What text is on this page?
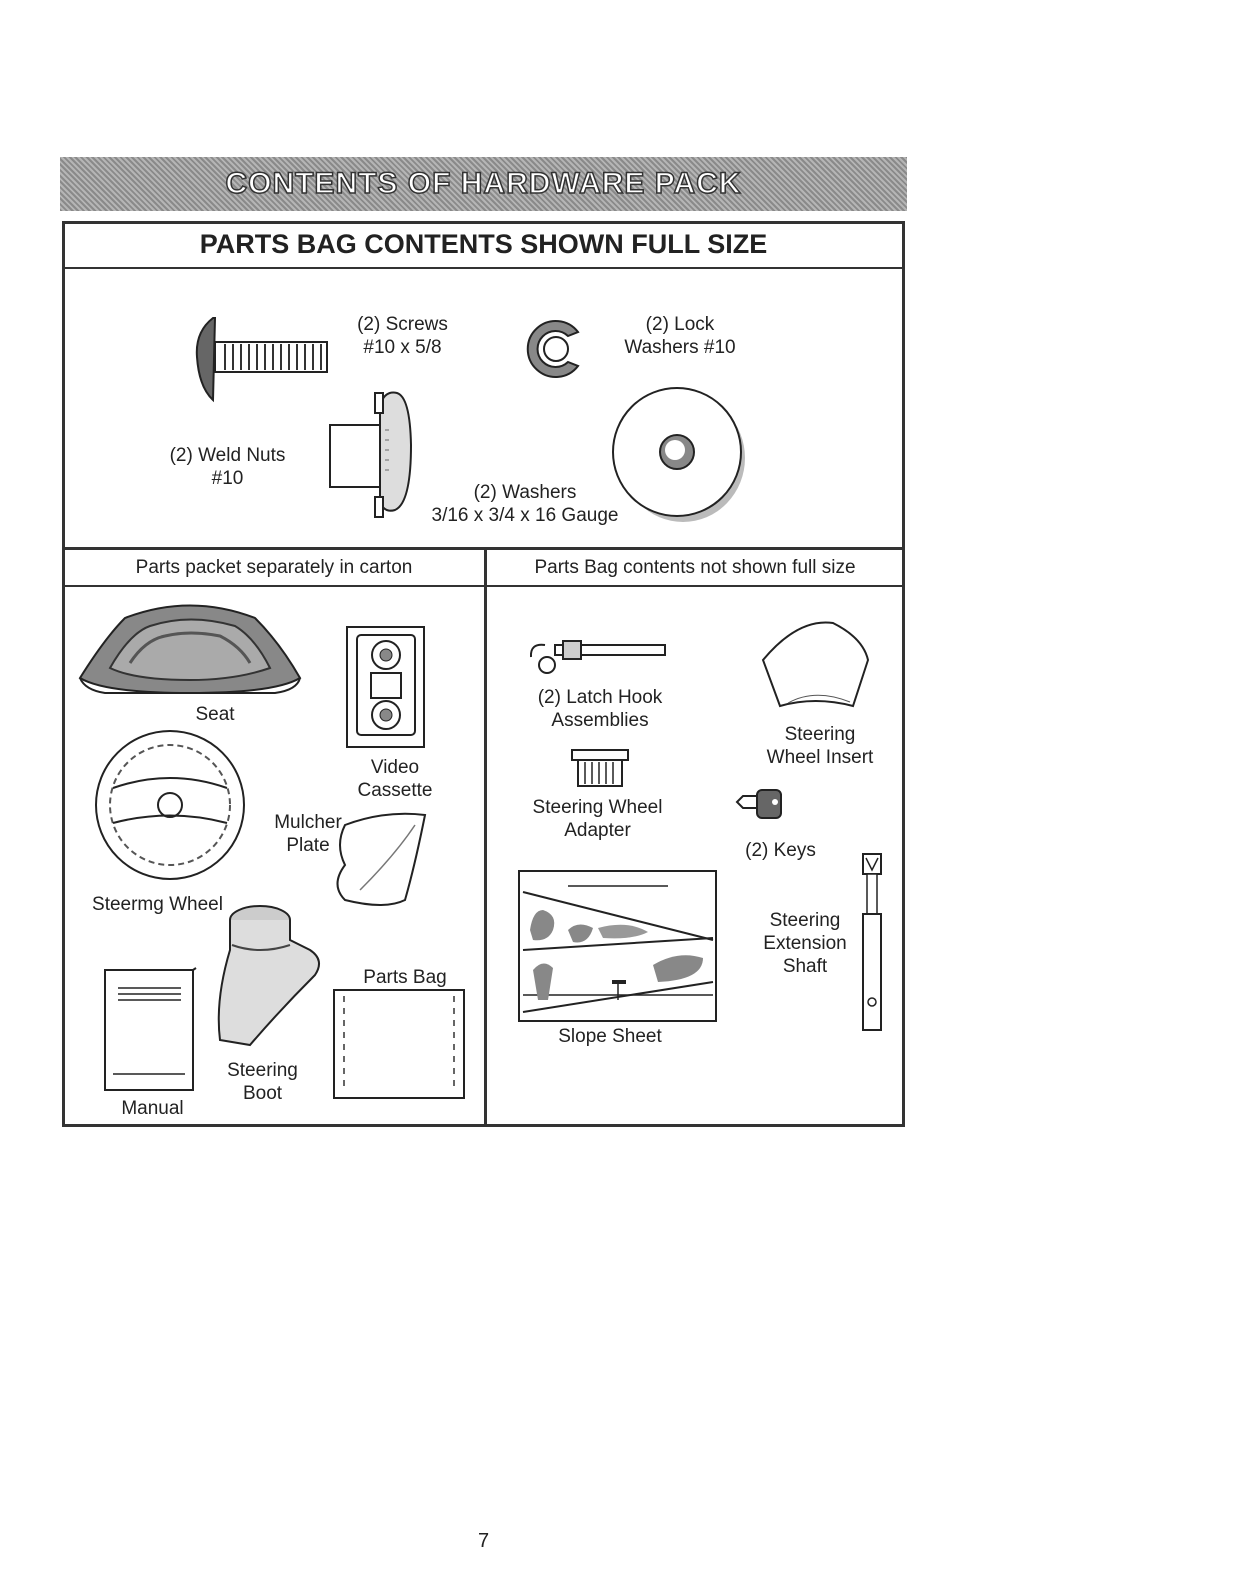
CONTENTS OF HARDWARE PACK
PARTS BAG CONTENTS SHOWN FULL SIZE
Parts packet separately in carton	Parts Bag contents not shown full size
(2) Screws
#10 x 5/8
(2) Lock
Washers #10
(2) Weld Nuts
#10
(2) Washers
3/16 x 3/4 x 16 Gauge
Seat
Video
Cassette
Steermg Wheel
Mulcher
Plate
Steering
Boot
Parts Bag
Manual
(2) Latch Hook
Assemblies
Steering
Wheel Insert
Steering Wheel
Adapter
(2) Keys
Steering
Extension
Shaft
Slope Sheet
7
